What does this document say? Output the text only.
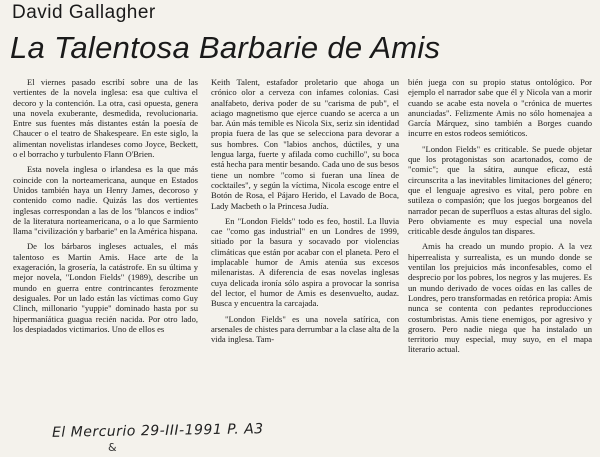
David Gallagher
La Talentosa Barbarie de Amis

El viernes pasado escribí sobre una de las vertientes de la novela inglesa: esa que cultiva el decoro y la contención. La otra, casi opuesta, genera una novela exuberante, desmedida, revolucionaria. Entre sus fuentes más distantes están la poesía de Chaucer o el teatro de Shakespeare. En este siglo, la alimentan novelistas irlandeses como Joyce, Beckett, o el borracho y turbulento Flann O'Brien.

Esta novela inglesa o irlandesa es la que más coincide con la norteamericana, aunque en Estados Unidos también haya un Henry James, decoroso y contenido como nadie. Quizás las dos vertientes inglesas correspondan a las de los "blancos e indios" de la literatura norteamericana, o a lo que Sarmiento llama "civilización y barbarie" en la América hispana.

De los bárbaros ingleses actuales, el más talentoso es Martin Amis. Hace arte de la exageración, la grosería, la catástrofe. En su última y mejor novela, "London Fields" (1989), describe un mundo en guerra entre contrincantes ferozmente desiguales. Por un lado están las víctimas como Guy Clinch, millonario "yuppie" dominado hasta por su hipermaníática guagua recién nacida. Por otro lado, los despiadados victimarios. Uno de ellos es

Keith Talent, estafador proletario que ahoga un crónico olor a cerveza con infames colonias. Casi analfabeto, deriva poder de su "carisma de pub", el aciago magnetismo que ejerce cuando se acerca a un bar. Aún más temible es Nicola Six, seriz sin identidad propia fuera de las que se selecciona para devorar a sus hombres. Con "labios anchos, dúctiles, y una lengua larga, fuerte y afilada como cuchillo", su boca está hecha para mentir besando. Cada uno de sus besos tiene un nombre "como si fueran una línea de cocktailes", y según la víctima, Nicola escoge entre el Botón de Rosa, el Pájaro Herido, el Lavado de Boca, Lady Macbeth o la Princesa Judía.

En "London Fields" todo es feo, hostil. La lluvia cae "como gas industrial" en un Londres de 1999, sitiado por la basura y socavado por violencias climáticas que están por acabar con el planeta. Pero el implacable humor de Amis atenúa sus excesos milenaristas. A diferencia de esas novelas inglesas cuya delicada ironía sólo aspira a provocar la sonrisa del lector, el humor de Amis es desenvuelto, audaz. Busca y encuentra la carcajada.

"London Fields" es una novela satírica, con arsenales de chistes para derrumbar a la clase alta de la vida inglesa. Tam-

bién juega con su propio status ontológico. Por ejemplo el narrador sabe que él y Nicola van a morir cuando se acabe esta novela o "crónica de muertes anunciadas". Felizmente Amis no sólo homenajea a García Márquez, sino también a Borges cuando incurre en estos rodeos semióticos.

"London Fields" es criticable. Se puede objetar que los protagonistas son acartonados, como de "comic"; que la sátira, aunque eficaz, está circunscrita a las inevitables limitaciones del género; que el lenguaje agresivo es vital, pero pobre en sutileza o compasión; que los juegos borgeanos del narrador pecan de superfluos a estas alturas del siglo. Pero obviamente es muy especial una novela criticable desde ángulos tan dispares.

Amis ha creado un mundo propio. A la vez hiperrealista y surrealista, es un mundo donde se ventilan los prejuicios más inconfesables, como el desprecio por los pobres, los negros y las mujeres. Es un mundo derivado de voces oídas en las calles de Londres, pero transformadas en retórica propia: Amis nunca se contenta con pedantes reproducciones costumbristas. Amis tiene enemigos, por agresivo y grosero. Pero nadie niega que ha instalado un territorio muy especial, muy suyo, en el mapa literario actual.

El Mercurio 29-III-1991 P. A3
&
